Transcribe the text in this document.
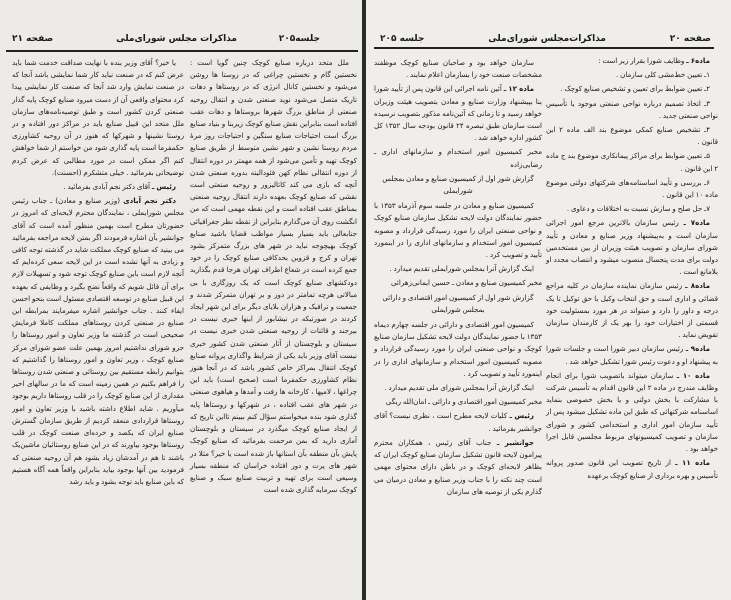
جلسه۲۰۵
مذاکرات مجلس شورای‌ملی
صفحه ۲۱

ملل متحد درباره صنایع کوچک چنین گویا است : نخستین گام و نخستین چراغی که در روستا ها روشن می‌شود و نخستین کانال انرژی که در روستاها و دهات تاریک متصل می‌شود نوید صنعتی شدن و انتقال روحیه صنعتی از مناطق بزرگ شهرها بروستاها و دهات عقب افتاده است بنابراین نقش صنایع کوچک زیربنا و بنیاد صنایع بزرگ است احتیاجات صنایع سنگین و احتیاجات روز مرهٔ مردم روستا نشین و شهر نشین متوسط از طریق صنایع کوچک تهیه و تأمین می‌شود از همه مهمتر در دوره انتقال از دوره انتقالی نظام کهن فئودالیته بدوره صنعتی شدن آنچه که بازی می کند کاتالیزور و روحیه صنعتی است نقشی که صنایع کوچک بعهده دارند انتقال روحیه صنعتی بمناطق عقب افتاده است و این نقطه مهمی است که من انگشت روی آن می‌گذارم بنابراین از نقطه نظر جغرافیائی جنابعالی باید بسیار بسیار مواظب قضایا باشید صنایع کوچک بهیچوجه نباید در شهر های بزرگ متمرکز بشود تهران و کرج و قزوین بحدکافی صنایع کوچک را در خود جمع کرده است در شعاع اطراف تهران هرجا قدم بگذارید دودکشهای صنایع کوچک است که یک روزگاری با بی مبالاتی هرچه تمامتر در دور و بر تهران متمرکز شدند و جمعیت و ترافیک و هزاران بلایای دیگر برای این شهر ایجاد کردند در صورتیکه در نیشابور از اینها خبری نیست در بیرجند و قائنات از روحیه صنعتی شدن خبری نیست در سیستان و بلوچستان از آثار صنعتی شدن کشور خبری نیست آقای وزیر باید یکی از شرایط واگذاری پروانه صنایع کوچک انتقال بمراکز خاص کشور باشد که در آنجا هنوز نظام کشاورزی حکمفرما است (صحیح است) باید این چراغها ، لامپها ، کارخانه ها رفت و آمدها و هیاهوی صنعتی در شهر های عقب افتاده ، در شهرکها و روستاها پایه گذاری شود بنده میخواستم سؤال کنم ببینم تااین تاریخ که از ایجاد صنایع کوچک میگذرد در سیستان و بلوچستان آماری دارید که بمن مرحمت بفرمائید که صنایع کوچک پایش بآن منطقه بآن استانها باز شده است یا خیر؟ مثلا در شهر های پرت و دور افتاده خراسان که منطقه بسیار وسیعی است برای تهیه و تربیت صنایع سبک و صنایع کوچک سرمایه گذاری شده است

یا خیر؟ آقای وزیر بنده با نهایت صداقت خدمت شما باید عرض کنم که در صنعت نباید کار شما نمایشی باشد آنجا که در صنعت نمایش وارد شد آنجا که صنعت کار نمایشی پیدا کرد محتوای واقعی آن از دست میرود صنایع کوچک پایه گذار صنعتی کردن کشور است و طبق توصیه‌نامه‌های سازمان ملل متحد این قبیل صنایع باید در مراکز دور افتاده و در روستا نشینها و شهرکها که هنوز در آن روحیه کشاورزی حکمفرما است پایه گذاری شود من خواستم از شما خواهش کنم اگر ممکن است در مورد مطالبی که عرض کردم توضیحاتی بفرمائید . خیلی متشکرم (احسنت).

رئیس ـ آقای دکتر نجم آبادی بفرمائید .

دکتر نجم آبادی (وزیر صنایع و معادن) ـ جناب رئیس مجلس شورایملی ، نمایندگان محترم لایحه‌ای که امروز در حضورتان مطرح است بهمین منظور آمده است که آقای جوانشیر بآن اشاره فرمودند اگر بمتن لایحه مراجعه بفرمائید می بینید که صنایع کوچک مملکت شاید در گذشته توجه کافی و زیادی به آنها نشده است در این لایحه سعی کرده‌ایم که آنچه لازم است باین صنایع کوچک توجه شود و تسهیلات لازم برای آن قائل شویم که واقعاً نضج بگیرد و وظایفی که بعهده این قبیل صنایع در توسعه اقتصادی مسئول است بنحو احسن ایفاء کنند . جناب جوانشیر اشاره میفرمایند بمرابطه این صنایع در صنعتی کردن روستاهای مملکت کاملا فرمایش صحیحی است در گذشته ما وزیر تعاون و امور روستاها را جزو شورای نداشتیم امروز بهمین علت عضو شورای مرکز صنایع کوچک ، وزیر تعاون و امور روستاها را گذاشتیم که بتوانیم رابطه مستقیم بین روستائی و صنعتی شدن روستاها را فراهم بکنیم در همین زمینه است که ما در سالهای اخیر مقداری از این صنایع کوچک را در قلب روستاها داریم بوجود میآوریم . شاید اطلاع داشته باشید با وزیر تعاون و امور روستاها قراردادی منعقد کردیم از طریق سازمان گسترش صنایع ایران که یکصد و خرده‌ای صنعت کوچک در قلب روستاها بوجود بیاورند که در این صنایع روستائیان ماشین‌یک باشند تا هم در آمدشان زیاد بشود هم آن روحیه صنعتی که فرمودید بین آنها بوجود بیاید بنابراین واقعاً همه آگاه هستیم که باین صنایع باید توجه بشود و باید رشد

صفحه ۲۰
مذاکرات‌مجلس شورای‌ملی
جلسه ۲۰۵

ماده۶ ـ وظایف شورا بقرار زیر است :

۱ـ تعیین خط‌مشی کلی سازمان .

۲ـ تعیین ضوابط برای تعیین و تشخیص صنایع کوچک .

۳ـ اتخاذ تصمیم درباره نواحی صنعتی موجود یا تأسیس نواحی صنعتی جدید .

۴ـ تشخیص صنایع کمکی موضوع بند الف ماده ۲ این قانون .

۵ـ تعیین ضوابط برای مراکز پیمانکاری موضوع بند ج ماده ۲ این قانون .

۶ـ بررسی و تأیید اساسنامه‌های شرکتهای دولتی موضوع ماده ۱۰ این قانون .

۷ـ حل صلح و سازش نسبت به اختلافات و دعاوی .

ماده۷ ـ رئیس سازمان بالاترین مرجع امور اجرائی سازمان است و به‌پیشنهاد وزیر صنایع و معادن و تأیید شورای سازمان و تصویب هیئت وزیران از بین مستخدمین دولت برای مدت پنجسال منصوب میشود و انتصاب مجدد او بلامانع است .

ماده۸ ـ رئیس سازمان نماینده سازمان در کلیه مراجع قضائی و اداری است و حق انتخاب وکیل با حق توکیل تا یک درجه و داور را دارد و میتواند در هر مورد بمسئولیت خود قسمتی از اختیارات خود را بهر یک از کارمندان سازمان تفویض نماید .

ماده۹ ـ رئیس سازمان دبیر شورا است و جلسات شورا به پیشنهاد او و دعوت رئیس شورا تشکیل خواهد شد .

ماده ۱۰ ـ سازمان میتواند باتصویب شورا برای انجام وظایف مندرج در ماده ۲ این قانون اقدام به تأسیس شرکت با مشارکت با بخش دولتی و یا بخش خصوصی بنماید اساسنامه شرکتهائی که طبق این ماده تشکیل میشود پس از تأیید سازمان امور اداری و استخدامی کشور و شورای سازمان و تصویب کمیسیونهای مربوط مجلسین قابل اجرا خواهد بود .

ماده ۱۱ ـ از تاریخ تصویب این قانون صدور پروانه تأسیس و بهره برداری از صنایع کوچک برعهده

سازمان خواهد بود و صاحبان صنایع کوچک موظفند مشخصات صنعت خود را بسازمان اعلام نمایند .

ماده ۱۲ ـ آئین نامه اجرائی این قانون پس از تأیید شورا بنا بپیشنهاد وزارت صنایع و معادن بتصویب هیئت وزیران خواهد رسید و تا زمانی که آئین‌نامه مذکور بتصویب نرسیده است سازمان طبق تبصره ۲۴ قانون بودجه سال ۱۳۵۲ کل کشور اداره خواهد شد .

مخبر کمیسیون امور استخدام و سازمانهای اداری ـ رضایی‌زاده

گزارش شور اول از کمیسیون صنایع و معادن بمجلس شورایملی

کمیسیون صنایع و معادن در جلسه سوم آذرماه ۱۳۵۳ با حضور نمایندگان دولت لایحه تشکیل سازمان صنایع کوچک و نواحی صنعتی ایران را مورد رسیدگی قرارداد و مصوبه کمیسیون امور استخدام و سازمانهای اداری را در اینمورد تأیید و تصویب کرد .

اینک گزارش آنرا بمجلس شورایملی تقدیم میدارد .

مخبر کمیسیون صنایع و معادن ـ حسین ایمانی‌زهرائی

گزارش شور اول از کمیسیون امور اقتصادی و دارائی بمجلس شورایملی

کمیسیون امور اقتصادی و دارائی در جلسه چهارم دیماه ۱۳۵۳ با حضور نمایندگان دولت لایحه تشکیل سازمان صنایع کوچک و نواحی صنعتی ایران را مورد رسیدگی قرارداد و مصوبه کمیسیون امور استخدام و سازمانهای اداری را در اینمورد تأیید و تصویب کرد .

اینک گزارش آنرا بمجلس شورای ملی تقدیم میدارد .

مخبر کمیسیون امور اقتصادی و دارائی ـ امان‌الله ریگی

رئیس ـ کلیات لایحه مطرح است ، نظری نیست؟ آقای جوانشیر بفرمائید .

جوانشیر ـ جناب آقای رئیس ، همکاران محترم پیرامون لایحه قانون تشکیل سازمان صنایع کوچک ایران که بظاهر لایحه‌ای کوچک و در باطن دارای محتوای مهمی است چند نکته را با جناب وزیر صنایع و معادن درمیان می گذارم یکی از توصیه های سازمان
